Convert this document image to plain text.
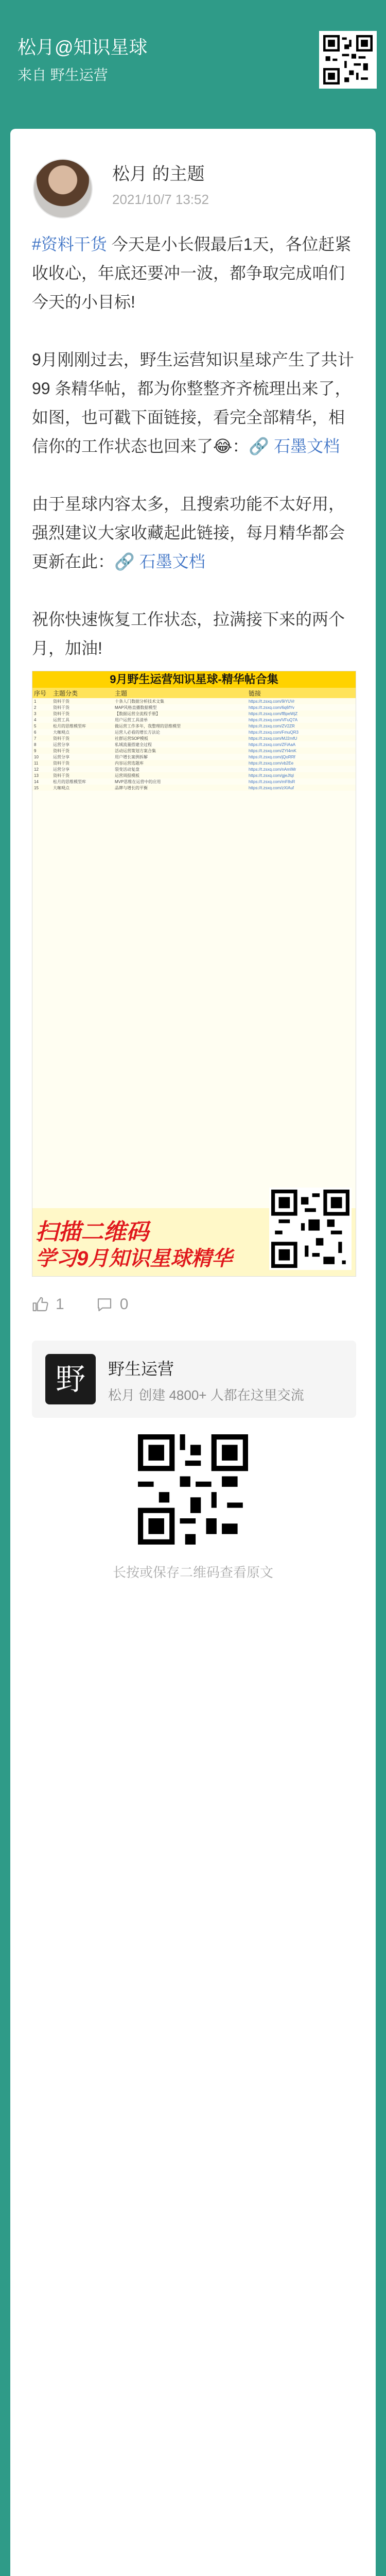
松月@知识星球
来自 野生运营
松月 的主题
2021/10/7 13:52

#资料干货 今天是小长假最后1天，各位赶紧收收心，年底还要冲一波，都争取完成咱们今天的小目标!

9月刚刚过去，野生运营知识星球产生了共计 99 条精华帖，都为你整整齐齐梳理出来了，如图，也可戳下面链接，看完全部精华，相信你的工作状态也回来了😂：🔗 石墨文档

由于星球内容太多，且搜索功能不太好用，强烈建议大家收藏起此链接，每月精华都会更新在此：🔗 石墨文档

祝你快速恢复工作状态，拉满接下来的两个月，加油!

9月野生运营知识星球-精华帖合集
序号	主题分类	主题	链接
1	资料干货	十条人门数据分析技术文集	https://t.zsxq.com/9iYUVr
2	资料干货	MAP风格直播数据模型	https://t.zsxq.com/6q6fYv
3	资料干货	【数据运营全流程手册】	https://t.zsxq.com/fBpeWjZ
4	运营工具	用户运营工具清单	https://t.zsxq.com/VFuQ7A
5	松月的思维模型库	做运营工作多年，我整理的思维模型	https://t.zsxq.com/ZV2ZR
6	大咖观点	运营人必看的增长方法论	https://t.zsxq.com/FmuQR3
7	资料干货	社群运营SOP模板	https://t.zsxq.com/MJ2mfU
8	运营分享	私域流量搭建全过程	https://t.zsxq.com/ZFiAaA
9	资料干货	活动运营策划方案合集	https://t.zsxq.com/ZYl4mK
10	运营分享	用户增长案例拆解	https://t.zsxq.com/jQoRRf
11	资料干货	内容运营选题库	https://t.zsxq.com/vb2Ee
12	运营分享	裂变活动复盘	https://t.zsxq.com/nAmIMr
13	资料干货	运营周报模板	https://t.zsxq.com/gjeJfqI
14	松月的思维模型库	MVP思维在运营中的应用	https://t.zsxq.com/mF8sR
15	大咖观点	品牌与增长的平衡	https://t.zsxq.com/zXIAuf
扫描二维码
学习9月知识星球精华
1	0
野	野生运营
松月 创建 4800+ 人都在这里交流
长按或保存二维码查看原文
